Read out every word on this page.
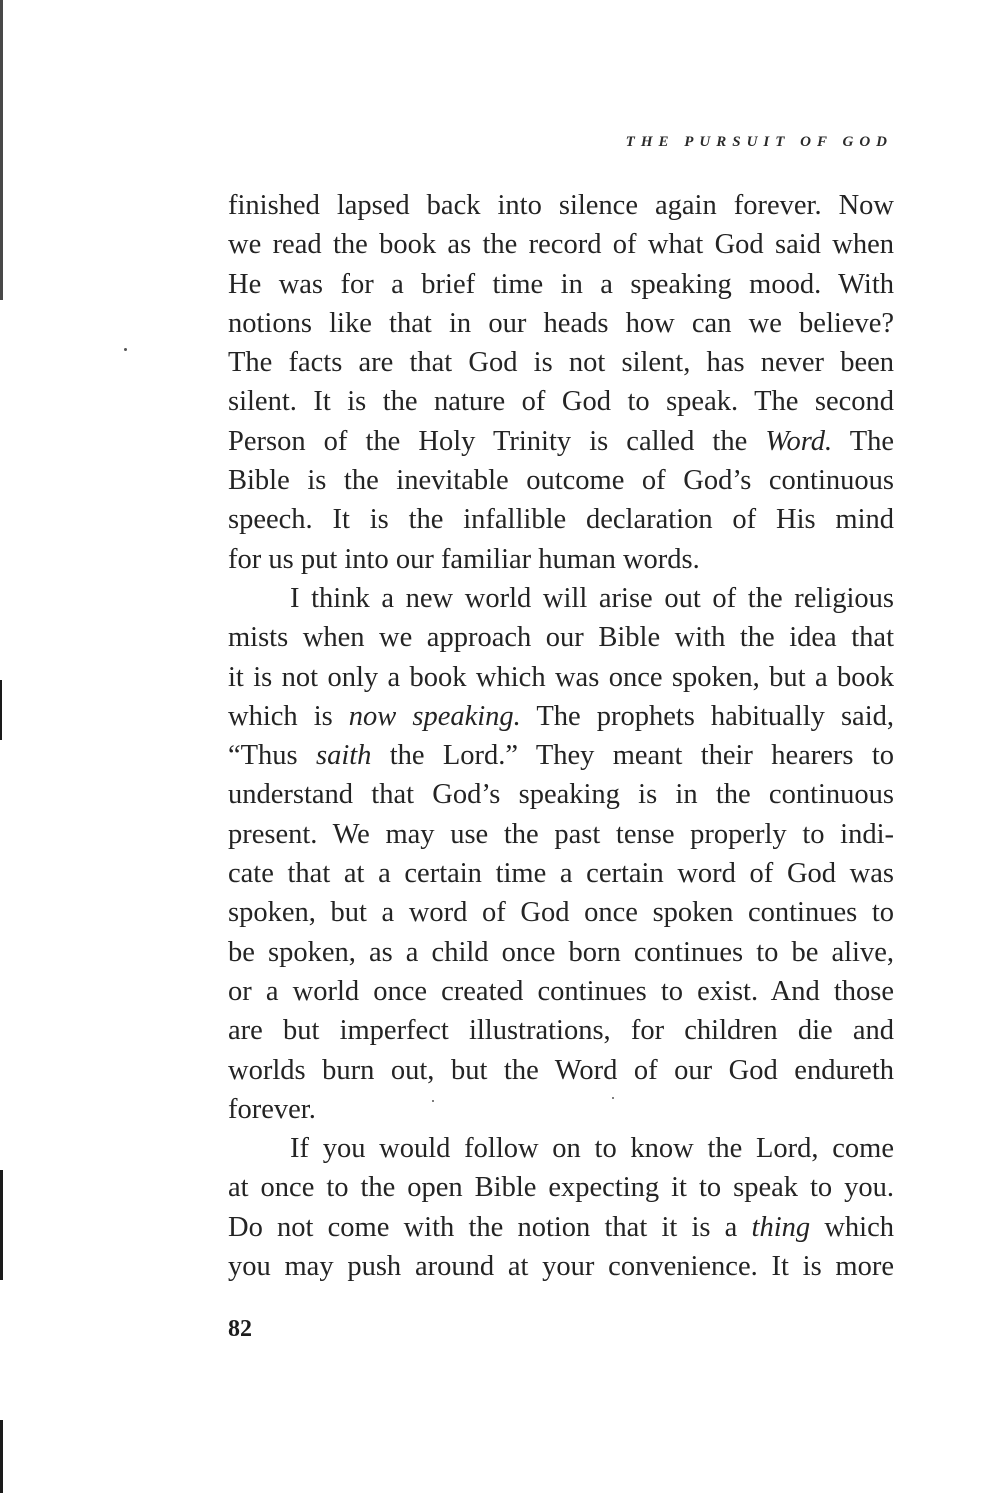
THE PURSUIT OF GOD
finished lapsed back into silence again forever. Now
we read the book as the record of what God said when
He was for a brief time in a speaking mood. With
notions like that in our heads how can we believe?
The facts are that God is not silent, has never been
silent. It is the nature of God to speak. The second
Person of the Holy Trinity is called the Word. The
Bible is the inevitable outcome of God’s continuous
speech. It is the infallible declaration of His mind
for us put into our familiar human words.
I think a new world will arise out of the religious
mists when we approach our Bible with the idea that
it is not only a book which was once spoken, but a book
which is now speaking. The prophets habitually said,
“Thus saith the Lord.” They meant their hearers to
understand that God’s speaking is in the continuous
present. We may use the past tense properly to indi-
cate that at a certain time a certain word of God was
spoken, but a word of God once spoken continues to
be spoken, as a child once born continues to be alive,
or a world once created continues to exist. And those
are but imperfect illustrations, for children die and
worlds burn out, but the Word of our God endureth
forever.
If you would follow on to know the Lord, come
at once to the open Bible expecting it to speak to you.
Do not come with the notion that it is a thing which
you may push around at your convenience. It is more
82
